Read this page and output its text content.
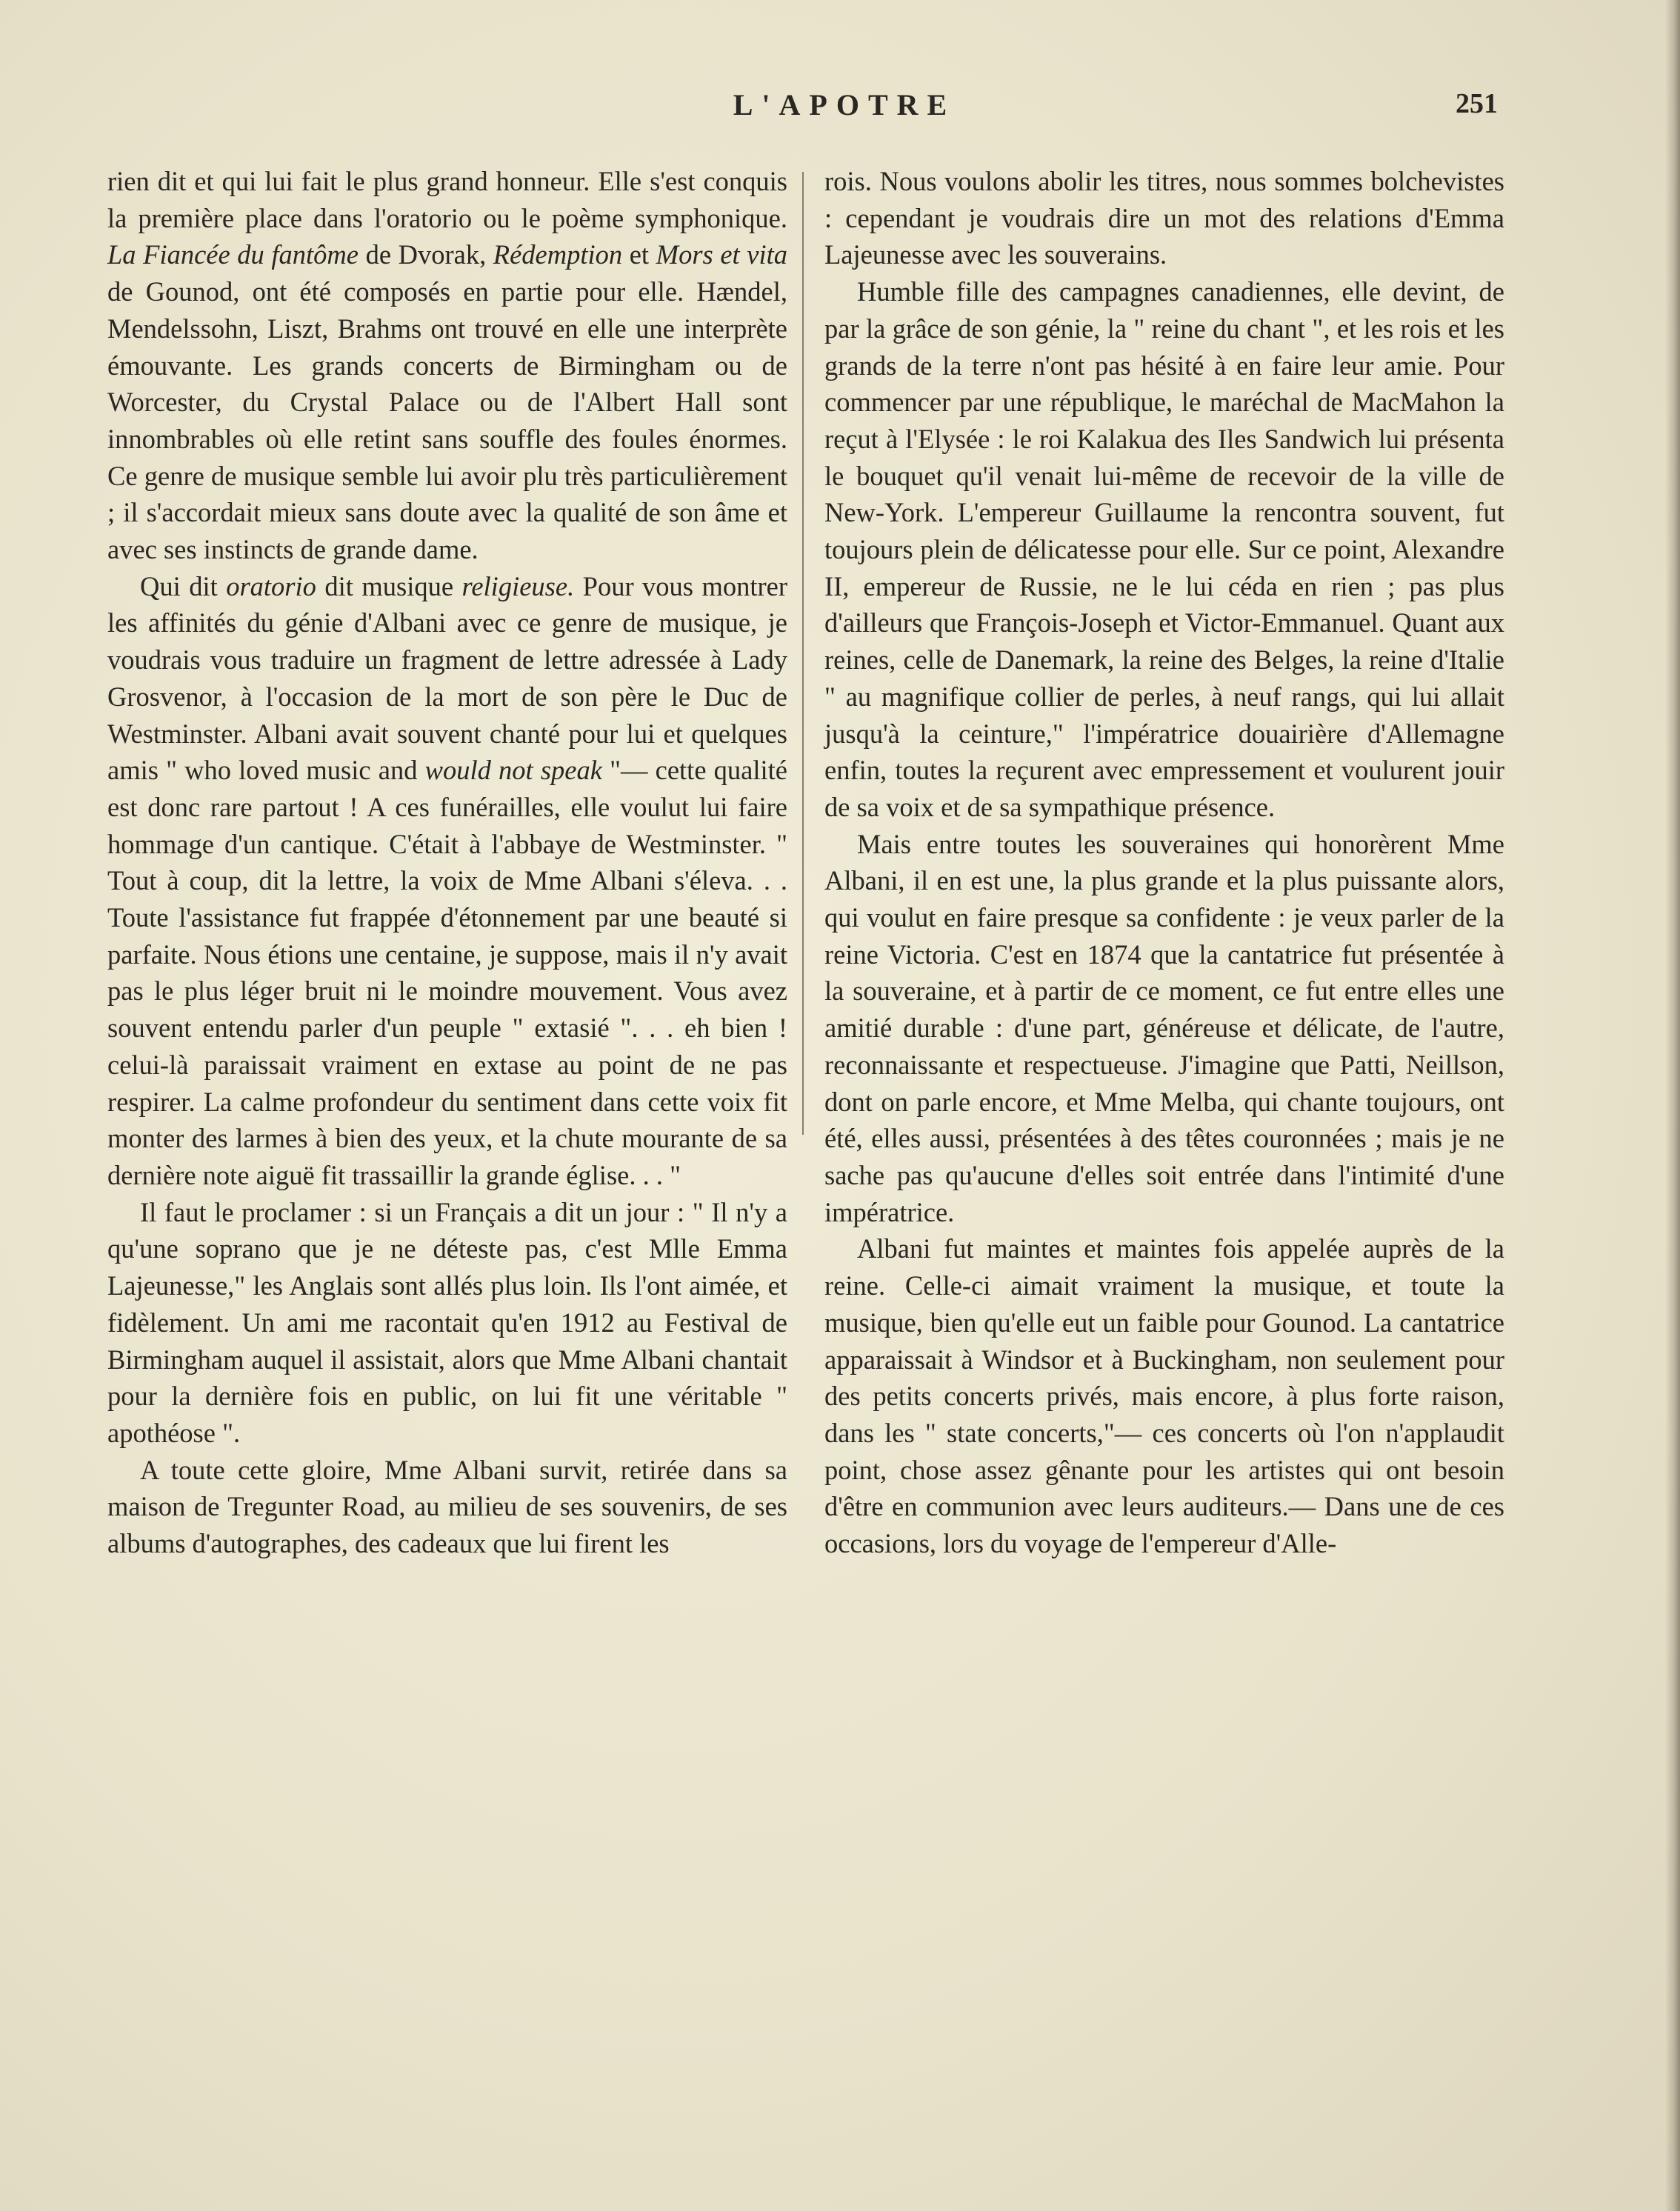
L'APOTRE	251

rien dit et qui lui fait le plus grand honneur. Elle s'est conquis la première place dans l'oratorio ou le poème symphonique. La Fiancée du fantôme de Dvorak, Rédemption et Mors et vita de Gounod, ont été composés en partie pour elle. Hændel, Mendelssohn, Liszt, Brahms ont trouvé en elle une interprète émouvante. Les grands concerts de Birmingham ou de Worcester, du Crystal Palace ou de l'Albert Hall sont innombrables où elle retint sans souffle des foules énormes. Ce genre de musique semble lui avoir plu très particulièrement ; il s'accordait mieux sans doute avec la qualité de son âme et avec ses instincts de grande dame.

Qui dit oratorio dit musique religieuse. Pour vous montrer les affinités du génie d'Albani avec ce genre de musique, je voudrais vous traduire un fragment de lettre adressée à Lady Grosvenor, à l'occasion de la mort de son père le Duc de Westminster. Albani avait souvent chanté pour lui et quelques amis " who loved music and would not speak "— cette qualité est donc rare partout ! A ces funérailles, elle voulut lui faire hommage d'un cantique. C'était à l'abbaye de Westminster. " Tout à coup, dit la lettre, la voix de Mme Albani s'éleva. . . Toute l'assistance fut frappée d'étonnement par une beauté si parfaite. Nous étions une centaine, je suppose, mais il n'y avait pas le plus léger bruit ni le moindre mouvement. Vous avez souvent entendu parler d'un peuple " extasié ". . . eh bien ! celui-là paraissait vraiment en extase au point de ne pas respirer. La calme profondeur du sentiment dans cette voix fit monter des larmes à bien des yeux, et la chute mourante de sa dernière note aiguë fit trassaillir la grande église. . . "

Il faut le proclamer : si un Français a dit un jour : " Il n'y a qu'une soprano que je ne déteste pas, c'est Mlle Emma Lajeunesse," les Anglais sont allés plus loin. Ils l'ont aimée, et fidèlement. Un ami me racontait qu'en 1912 au Festival de Birmingham auquel il assistait, alors que Mme Albani chantait pour la dernière fois en public, on lui fit une véritable " apothéose ".

A toute cette gloire, Mme Albani survit, retirée dans sa maison de Tregunter Road, au milieu de ses souvenirs, de ses albums d'autographes, des cadeaux que lui firent les

rois. Nous voulons abolir les titres, nous sommes bolchevistes : cependant je voudrais dire un mot des relations d'Emma Lajeunesse avec les souverains.

Humble fille des campagnes canadiennes, elle devint, de par la grâce de son génie, la " reine du chant ", et les rois et les grands de la terre n'ont pas hésité à en faire leur amie. Pour commencer par une république, le maréchal de MacMahon la reçut à l'Elysée : le roi Kalakua des Iles Sandwich lui présenta le bouquet qu'il venait lui-même de recevoir de la ville de New-York. L'empereur Guillaume la rencontra souvent, fut toujours plein de délicatesse pour elle. Sur ce point, Alexandre II, empereur de Russie, ne le lui céda en rien ; pas plus d'ailleurs que François-Joseph et Victor-Emmanuel. Quant aux reines, celle de Danemark, la reine des Belges, la reine d'Italie " au magnifique collier de perles, à neuf rangs, qui lui allait jusqu'à la ceinture," l'impératrice douairière d'Allemagne enfin, toutes la reçurent avec empressement et voulurent jouir de sa voix et de sa sympathique présence.

Mais entre toutes les souveraines qui honorèrent Mme Albani, il en est une, la plus grande et la plus puissante alors, qui voulut en faire presque sa confidente : je veux parler de la reine Victoria. C'est en 1874 que la cantatrice fut présentée à la souveraine, et à partir de ce moment, ce fut entre elles une amitié durable : d'une part, généreuse et délicate, de l'autre, reconnaissante et respectueuse. J'imagine que Patti, Neillson, dont on parle encore, et Mme Melba, qui chante toujours, ont été, elles aussi, présentées à des têtes couronnées ; mais je ne sache pas qu'aucune d'elles soit entrée dans l'intimité d'une impératrice.

Albani fut maintes et maintes fois appelée auprès de la reine. Celle-ci aimait vraiment la musique, et toute la musique, bien qu'elle eut un faible pour Gounod. La cantatrice apparaissait à Windsor et à Buckingham, non seulement pour des petits concerts privés, mais encore, à plus forte raison, dans les " state concerts,"— ces concerts où l'on n'applaudit point, chose assez gênante pour les artistes qui ont besoin d'être en communion avec leurs auditeurs.— Dans une de ces occasions, lors du voyage de l'empereur d'Alle-
